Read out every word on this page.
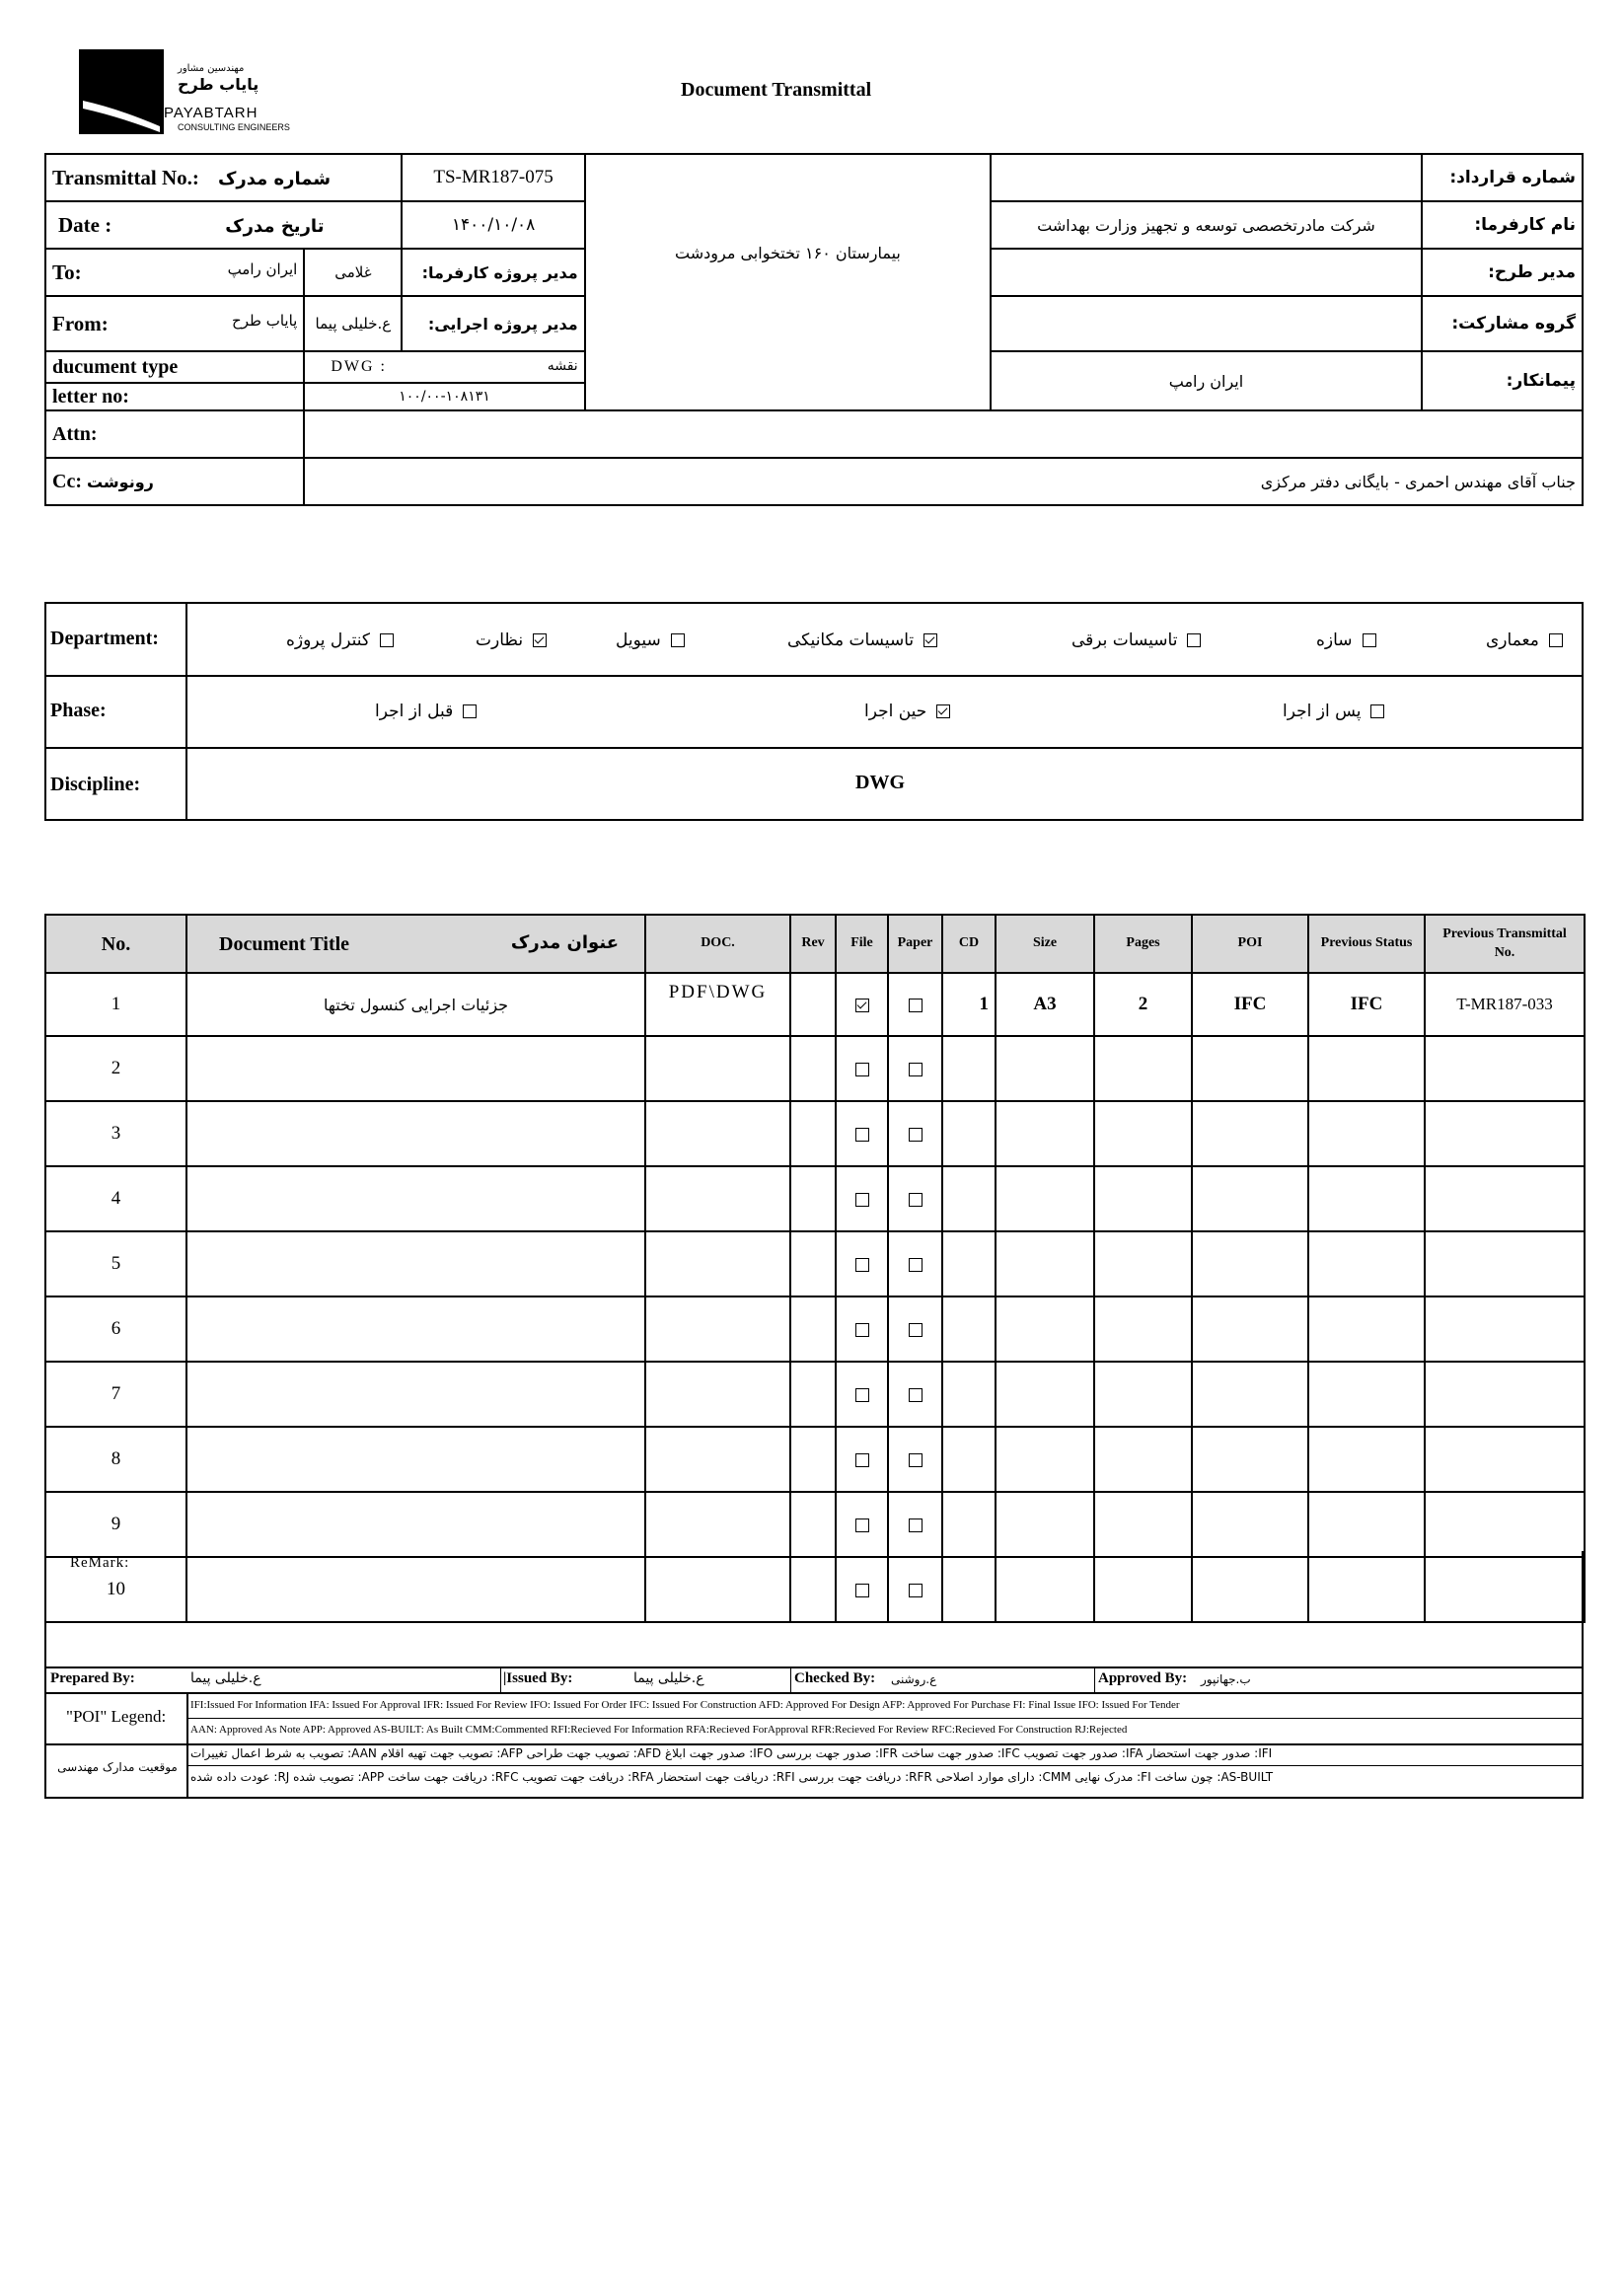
مهندسین مشاور
پایاب طرح
PAYABTARH
CONSULTING ENGINEERS
Document Transmittal
Transmittal No.: شماره مدرک		TS-MR187-075	بیمارستان ۱۶۰ تختخوابی مرودشت		شماره قرارداد:
Date : تاریخ مدرک		۱۴۰۰/۱۰/۰۸		شرکت مادرتخصصی توسعه و تجهیز وزارت بهداشت	نام کارفرما:
To: ایران رامپ	غلامی	مدیر پروژه کارفرما:			مدیر طرح:
From: پایاب طرح	ع.خلیلی پیما	مدیر پروژه اجرایی:			گروه مشارکت:
ducument type	DWG : نقشه			ایران رامپ	پیمانکار:
letter no:	۱۰۰/۰۰-۱۰۸۱۳۱				
Attn:					
Cc: رونوشت	جناب آقای مهندس احمری - بایگانی دفتر مرکزی				
Department:	کنترل پروژه	نظارت	سیویل	تاسیسات مکانیکی	تاسیسات برقی	سازه	معماری
Phase:	قبل از اجرا	حین اجرا	پس از اجرا
Discipline:	DWG
No.	Document Title عنوان مدرک	DOC.	Rev	File	Paper	CD	Size	Pages	POI	Previous Status	Previous Transmittal No.
1	جزئیات اجرایی کنسول تختها	PDF\DWG				1	A3	2	IFC	IFC	T-MR187-033
2											
3											
4											
5											
6											
7											
8											
9											
10											
ReMark:
Prepared By:	ع.خلیلی پیما	|Issued By:	ع.خلیلی پیما	Checked By: ع.روشنی	Approved By: ب.جهانپور
"POI" Legend:
IFI:Issued For Information IFA: Issued For Approval IFR: Issued For Review IFO: Issued For Order IFC: Issued For Construction AFD: Approved For Design AFP: Approved For Purchase FI: Final Issue IFO: Issued For Tender
AAN: Approved As Note APP: Approved AS-BUILT: As Built CMM:Commented RFI:Recieved For Information RFA:Recieved ForApproval RFR:Recieved For Review RFC:Recieved For Construction RJ:Rejected
موقعیت مدارک مهندسی
IFI: صدور جهت استحضار IFA: صدور جهت تصویب IFC: صدور جهت ساخت IFR: صدور جهت بررسی IFO: صدور جهت ابلاغ AFD: تصویب جهت طراحی AFP: تصویب جهت تهیه اقلام AAN: تصویب به شرط اعمال تغییرات
AS-BUILT: چون ساخت FI: مدرک نهایی CMM: دارای موارد اصلاحی RFR: دریافت جهت بررسی RFI: دریافت جهت استحضار RFA: دریافت جهت تصویب RFC: دریافت جهت ساخت APP: تصویب شده RJ: عودت داده شده
